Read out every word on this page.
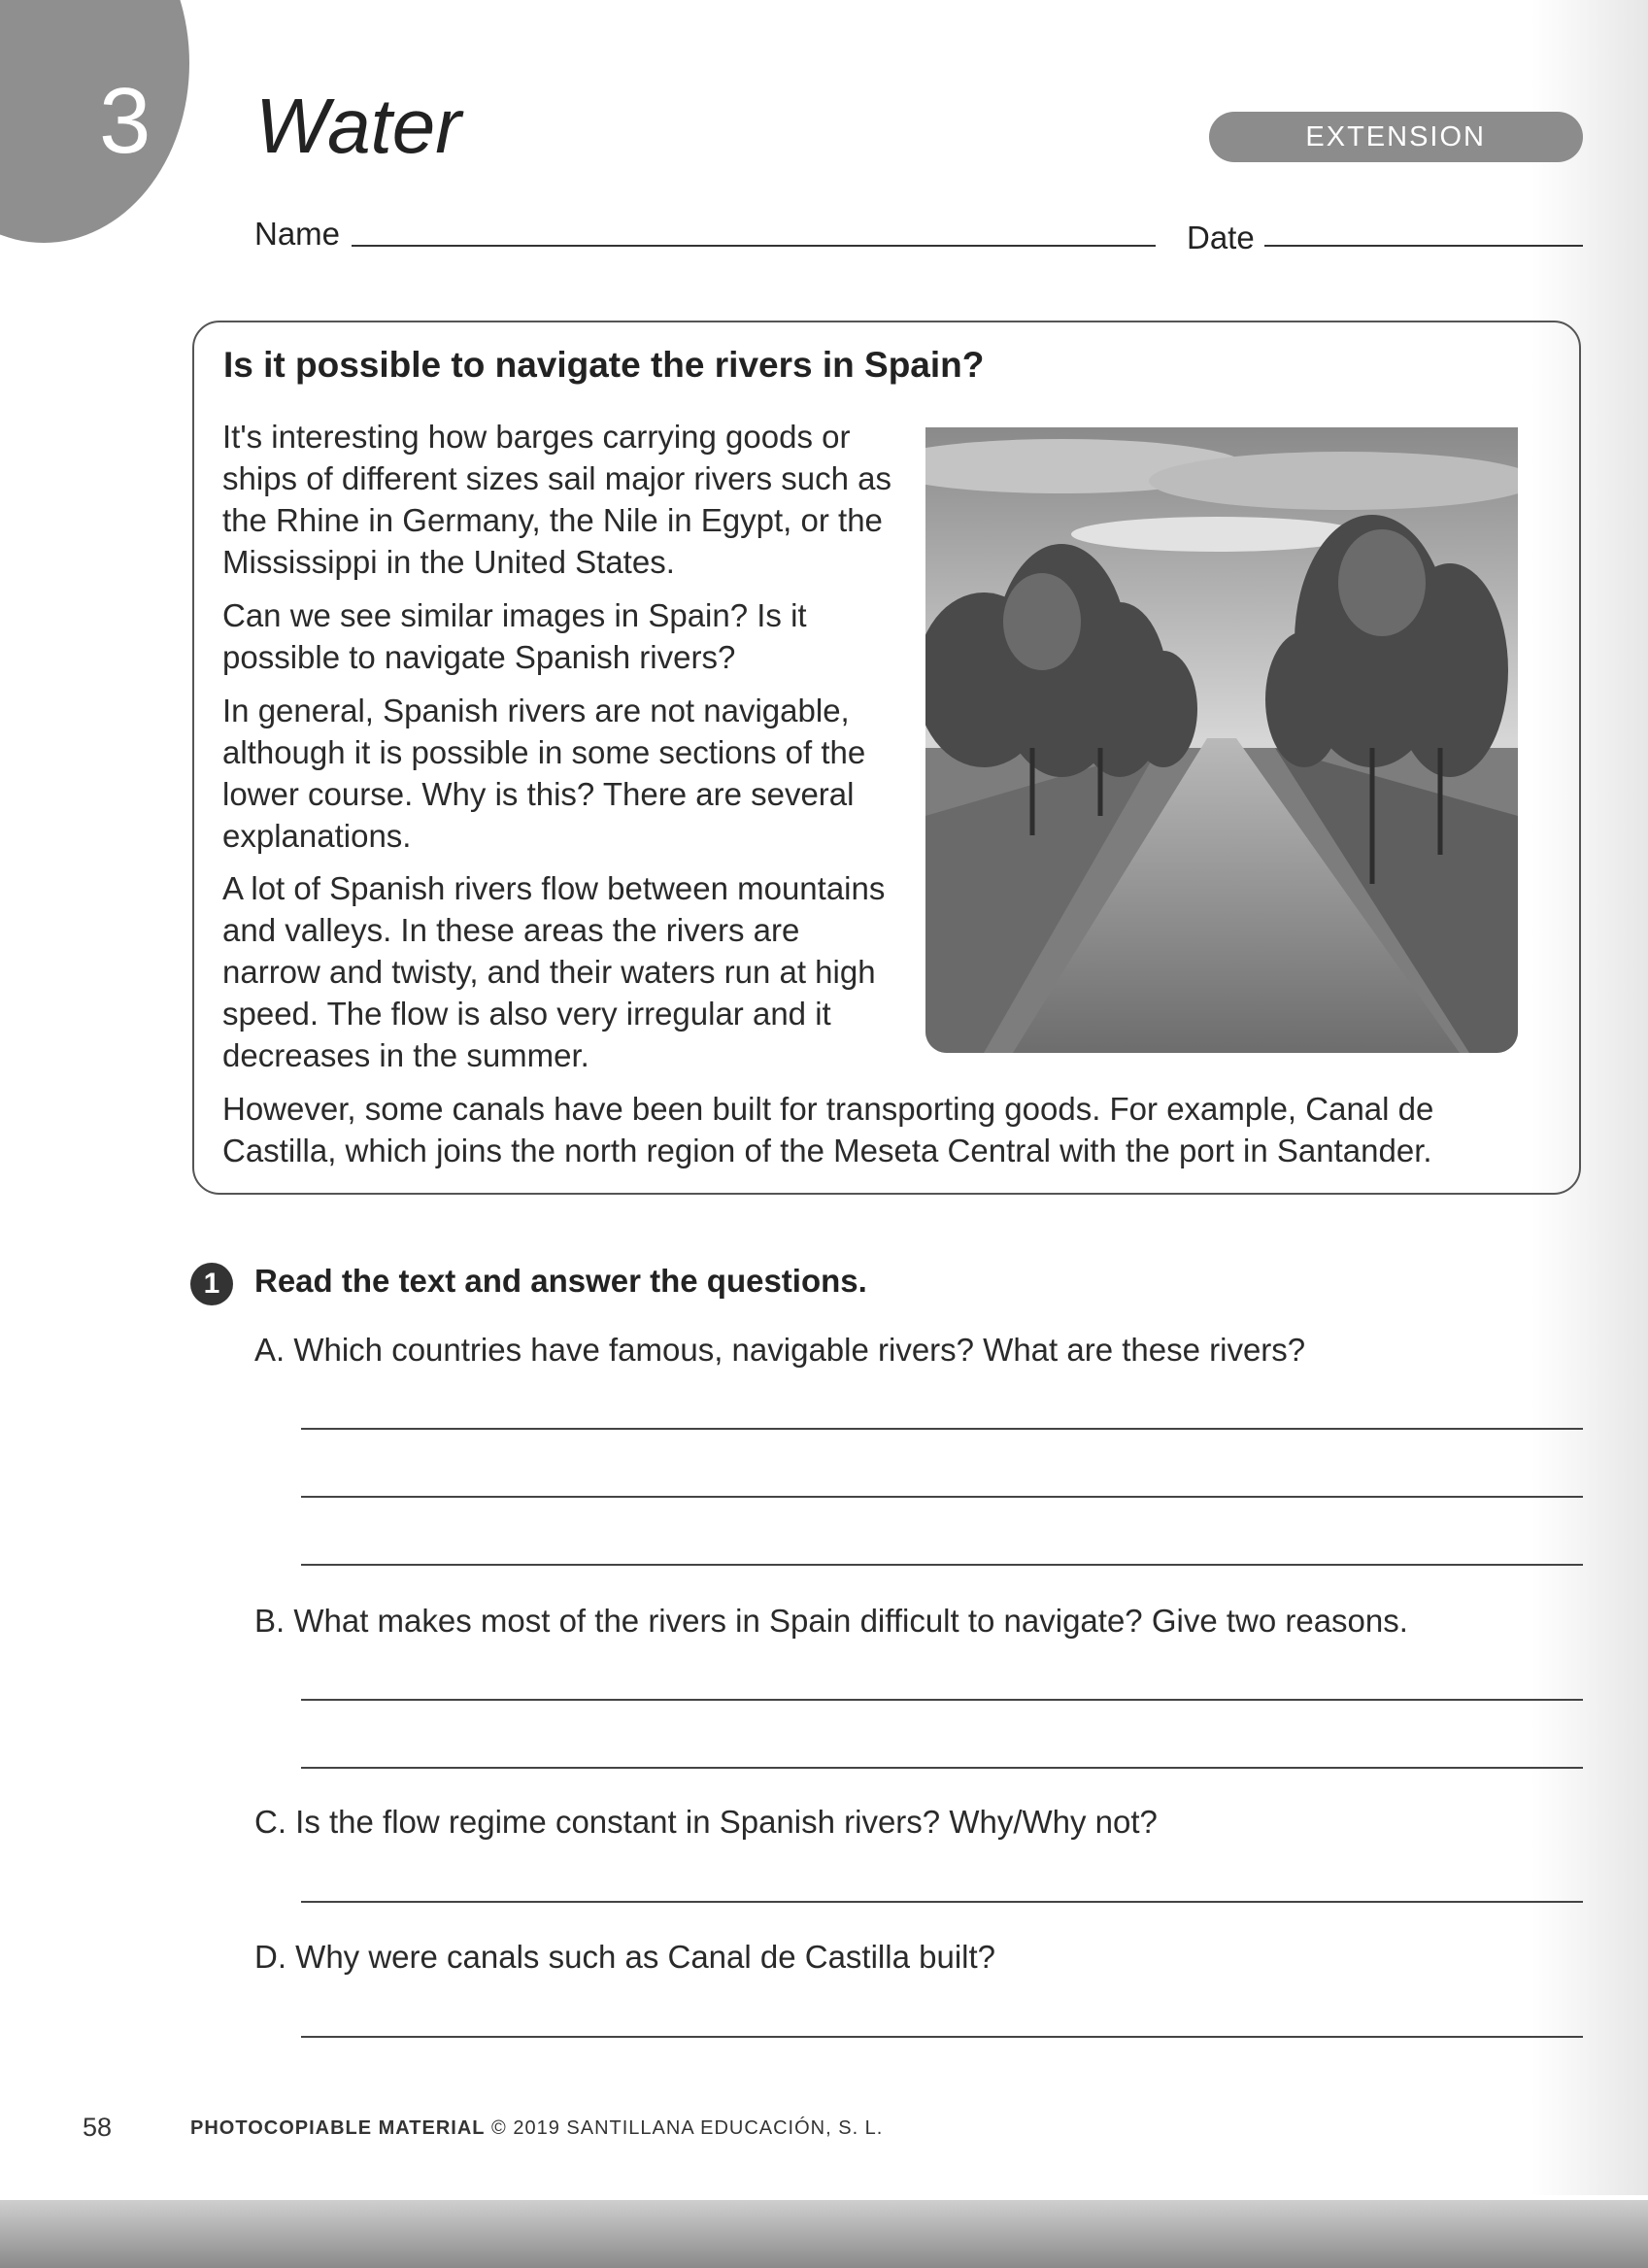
3 Water	EXTENSION
Name	Date
Is it possible to navigate the rivers in Spain?

It's interesting how barges carrying goods or ships of different sizes sail major rivers such as the Rhine in Germany, the Nile in Egypt, or the Mississippi in the United States.

Can we see similar images in Spain? Is it possible to navigate Spanish rivers?

In general, Spanish rivers are not navigable, although it is possible in some sections of the lower course. Why is this? There are several explanations.

A lot of Spanish rivers flow between mountains and valleys. In these areas the rivers are narrow and twisty, and their waters run at high speed. The flow is also very irregular and it decreases in the summer.

However, some canals have been built for transporting goods. For example, Canal de Castilla, which joins the north region of the Meseta Central with the port in Santander.

1	Read the text and answer the questions.
A. Which countries have famous, navigable rivers? What are these rivers?
B. What makes most of the rivers in Spain difficult to navigate? Give two reasons.
C. Is the flow regime constant in Spanish rivers? Why/Why not?
D. Why were canals such as Canal de Castilla built?
58	PHOTOCOPIABLE MATERIAL © 2019 SANTILLANA EDUCACIÓN, S. L.
